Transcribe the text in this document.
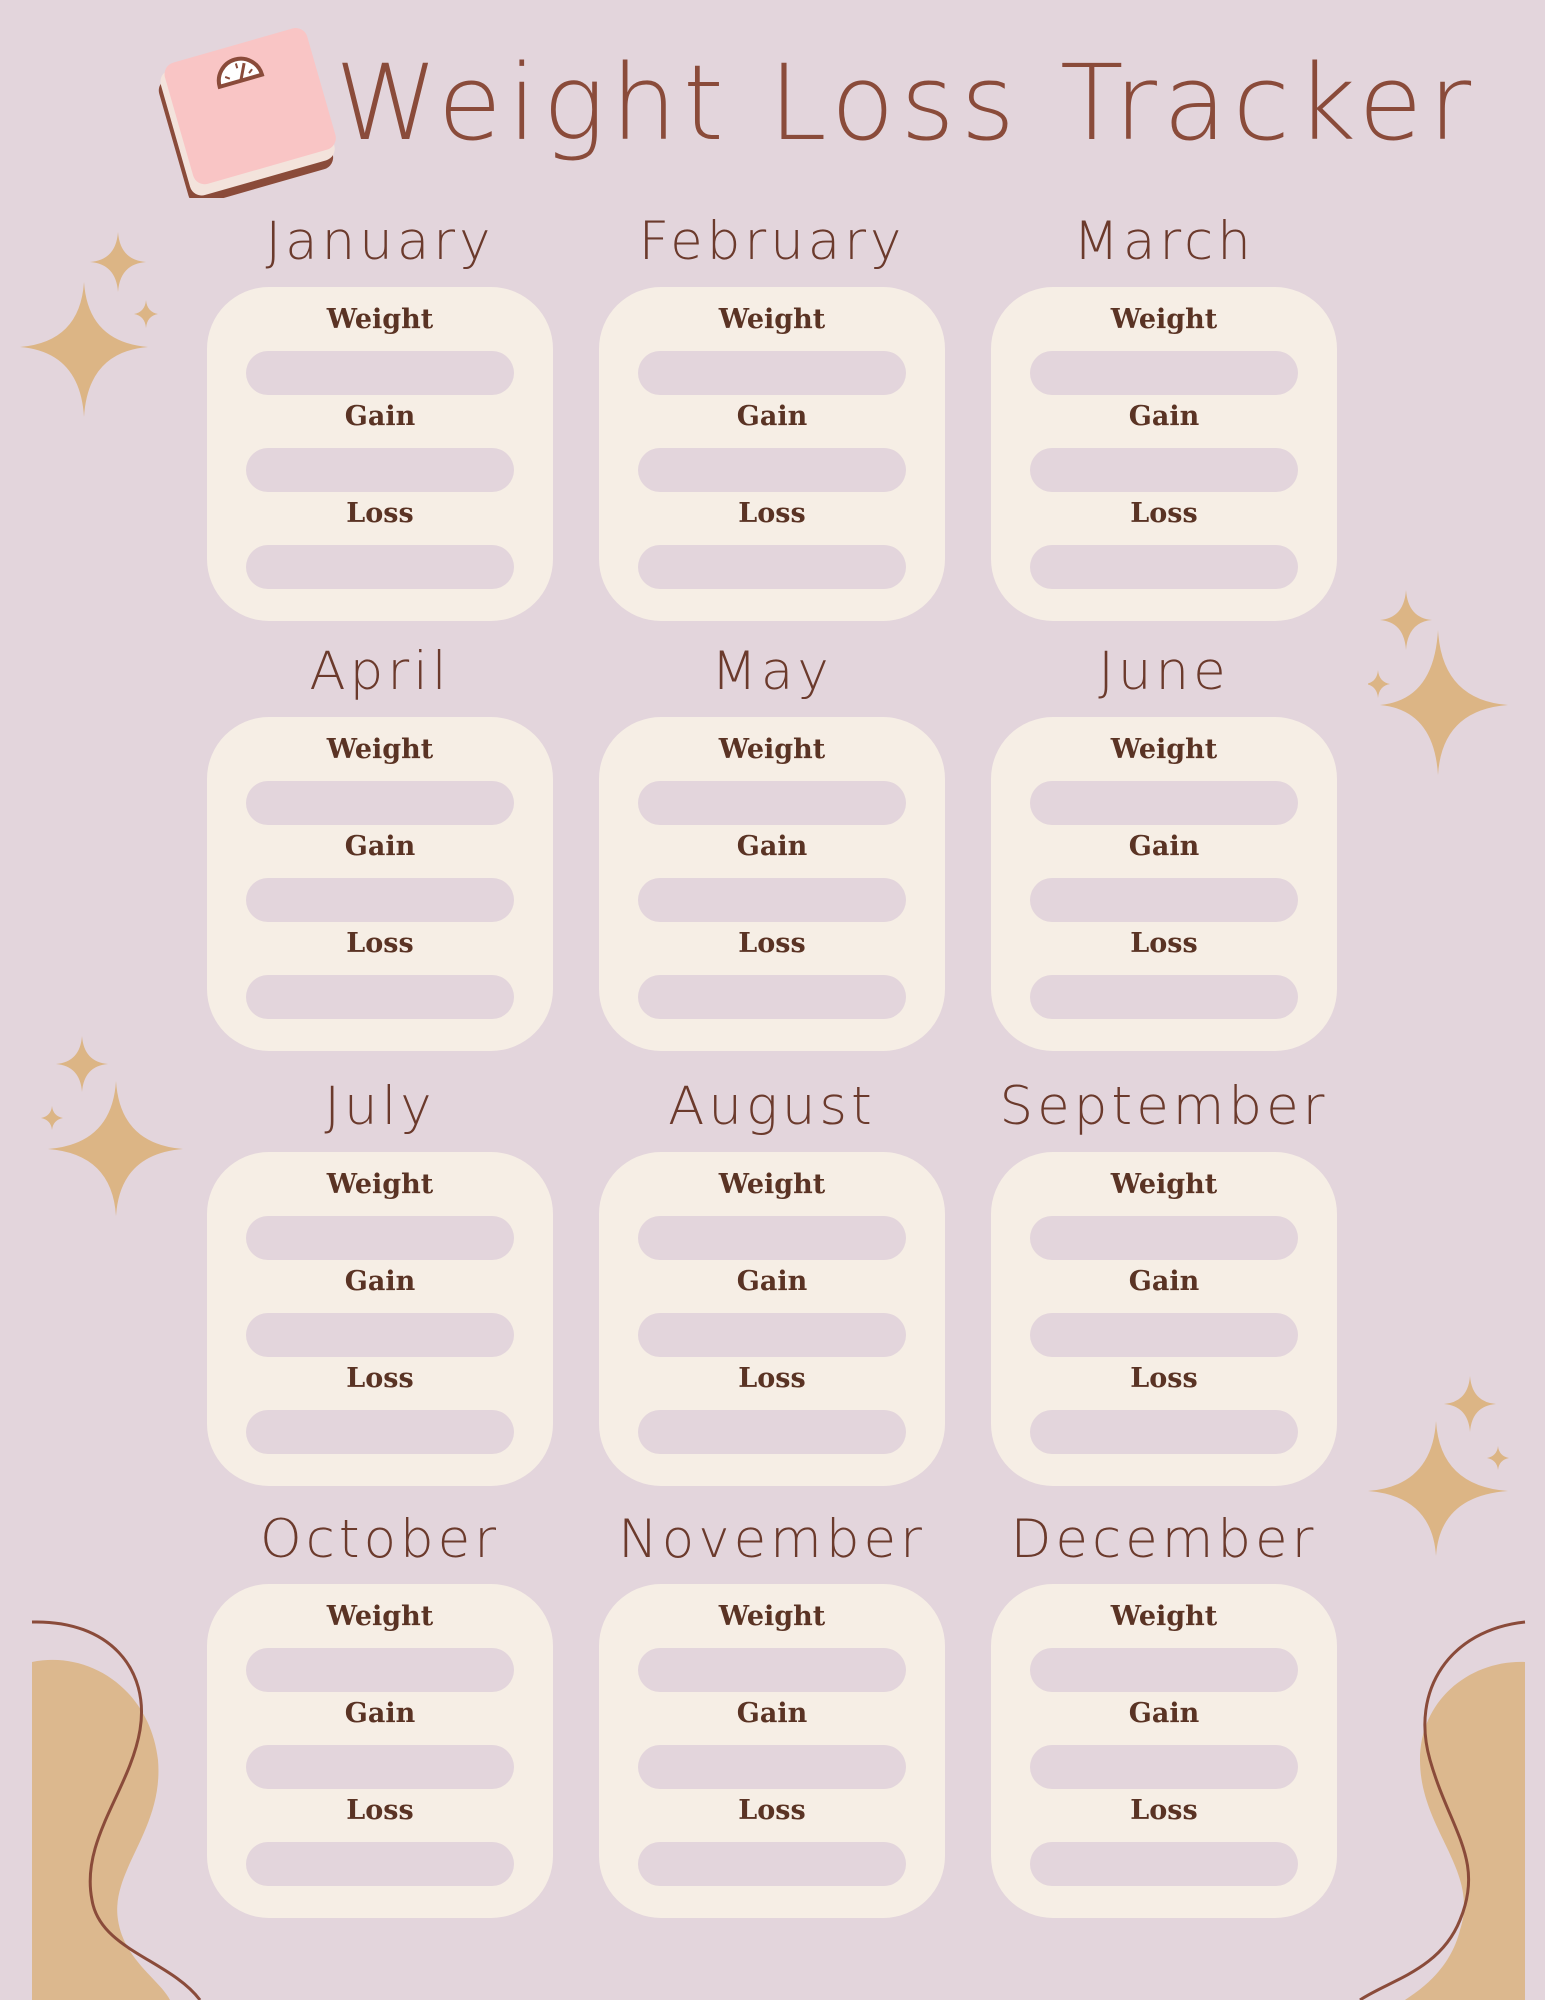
Weight Loss Tracker
January
Weight
Gain
Loss
February
Weight
Gain
Loss
March
Weight
Gain
Loss
April
Weight
Gain
Loss
May
Weight
Gain
Loss
June
Weight
Gain
Loss
July
Weight
Gain
Loss
August
Weight
Gain
Loss
September
Weight
Gain
Loss
October
Weight
Gain
Loss
November
Weight
Gain
Loss
December
Weight
Gain
Loss
